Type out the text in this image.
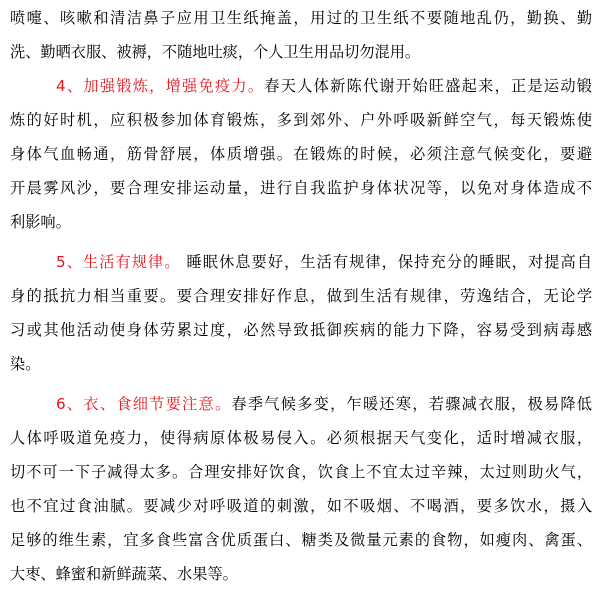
喷嚏、咳嗽和清洁鼻子应用卫生纸掩盖，用过的卫生纸不要随地乱仍，勤换、勤
洗、勤晒衣服、被褥，不随地吐痰，个人卫生用品切勿混用。
4、加强锻炼，增强免疫力。春天人体新陈代谢开始旺盛起来，正是运动锻
炼的好时机，应积极参加体育锻炼，多到郊外、户外呼吸新鲜空气，每天锻炼使
身体气血畅通，筋骨舒展，体质增强。在锻炼的时候，必须注意气候变化，要避
开晨雾风沙，要合理安排运动量，进行自我监护身体状况等，以免对身体造成不
利影响。
5、生活有规律。 睡眠休息要好，生活有规律，保持充分的睡眠，对提高自
身的抵抗力相当重要。要合理安排好作息，做到生活有规律，劳逸结合，无论学
习或其他活动使身体劳累过度，必然导致抵御疾病的能力下降，容易受到病毒感
染。
6、衣、食细节要注意。春季气候多变，乍暖还寒，若骤减衣服，极易降低
人体呼吸道免疫力，使得病原体极易侵入。必须根据天气变化，适时增减衣服，
切不可一下子减得太多。合理安排好饮食，饮食上不宜太过辛辣，太过则助火气，
也不宜过食油腻。要减少对呼吸道的刺激，如不吸烟、不喝酒，要多饮水，摄入
足够的维生素，宜多食些富含优质蛋白、糖类及微量元素的食物，如瘦肉、禽蛋、
大枣、蜂蜜和新鲜蔬菜、水果等。
